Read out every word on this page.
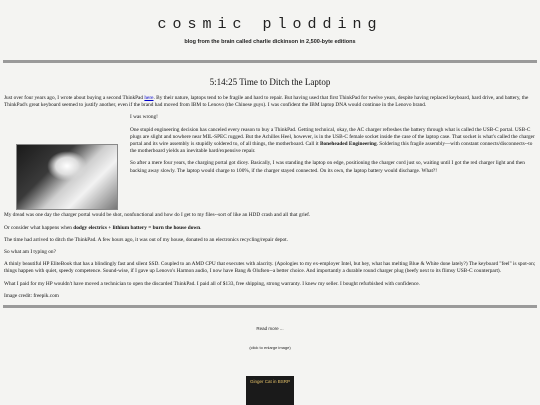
cosmic plodding
blog from the brain called charlie dickinson in 2,500-byte editions
5:14:25 Time to Ditch the Laptop

Just over four years ago, I wrote about buying a second ThinkPad here. By their nature, laptops tend to be fragile and hard to repair. But having used that first ThinkPad for twelve years, despite having replaced keyboard, hard drive, and battery, the ThinkPad's great keyboard seemed to justify another, even if the brand had moved from IBM to Lenovo (the Chinese guys). I was confident the IBM laptop DNA would continue in the Lenovo brand.

I was wrong!

One stupid engineering decision has canceled every reason to buy a ThinkPad. Getting technical, okay, the AC charger refreshes the battery through what is called the USB-C portal. USB-C plugs are slight and nowhere near MIL-SPEC rugged. But the Achilles Heel, however, is in the USB-C female socket inside the case of the laptop case. That socket is what's called the charger portal and its wire assembly is stupidly soldered to, of all things, the motherboard. Call it Boneheaded Engineering. Soldering this fragile assembly—with constant connects/disconnects--to the motherboard yields an inevitable hard/expensive repair.

So after a mere four years, the charging portal got dicey. Basically, I was standing the laptop on edge, positioning the charger cord just so, waiting until I got the red charger light and then backing away slowly. The laptop would charge to 100%, if the charger stayed connected. On its own, the laptop battery would discharge. What?!

My dread was one day the charger portal would be shot, nonfunctional and how do I get to my files--sort of like an HDD crash and all that grief.

Or consider what happens when dodgy electrics + lithium battery = burn the house down.

The time had arrived to ditch the ThinkPad. A few hours ago, it was out of my house, donated to an electronics recycling/repair depot.

So what am I typing on?

A thinly beautiful HP EliteBook that has a blindingly fast and silent SSD. Coupled to an AMD CPU that executes with alacrity. (Apologies to my ex-employer Intel, but hey, what has melting Blue & White done lately?) The keyboard "feel" is spot-on; things happen with quiet, speedy competence. Sound-wise, if I gave up Lenovo's Harmon audio, I now have Bang & Olufsen--a better choice. And importantly a durable round charger plug (beefy next to its flimsy USB-C counterpart).

What I paid for my HP wouldn't have moved a technician to open the discarded ThinkPad. I paid all of $133, free shipping, strong warranty. I knew my seller. I bought refurbished with confidence.

Image credit: freepik.com

Read more ...
(click to enlarge image)
Ginger Cat in BSRP
